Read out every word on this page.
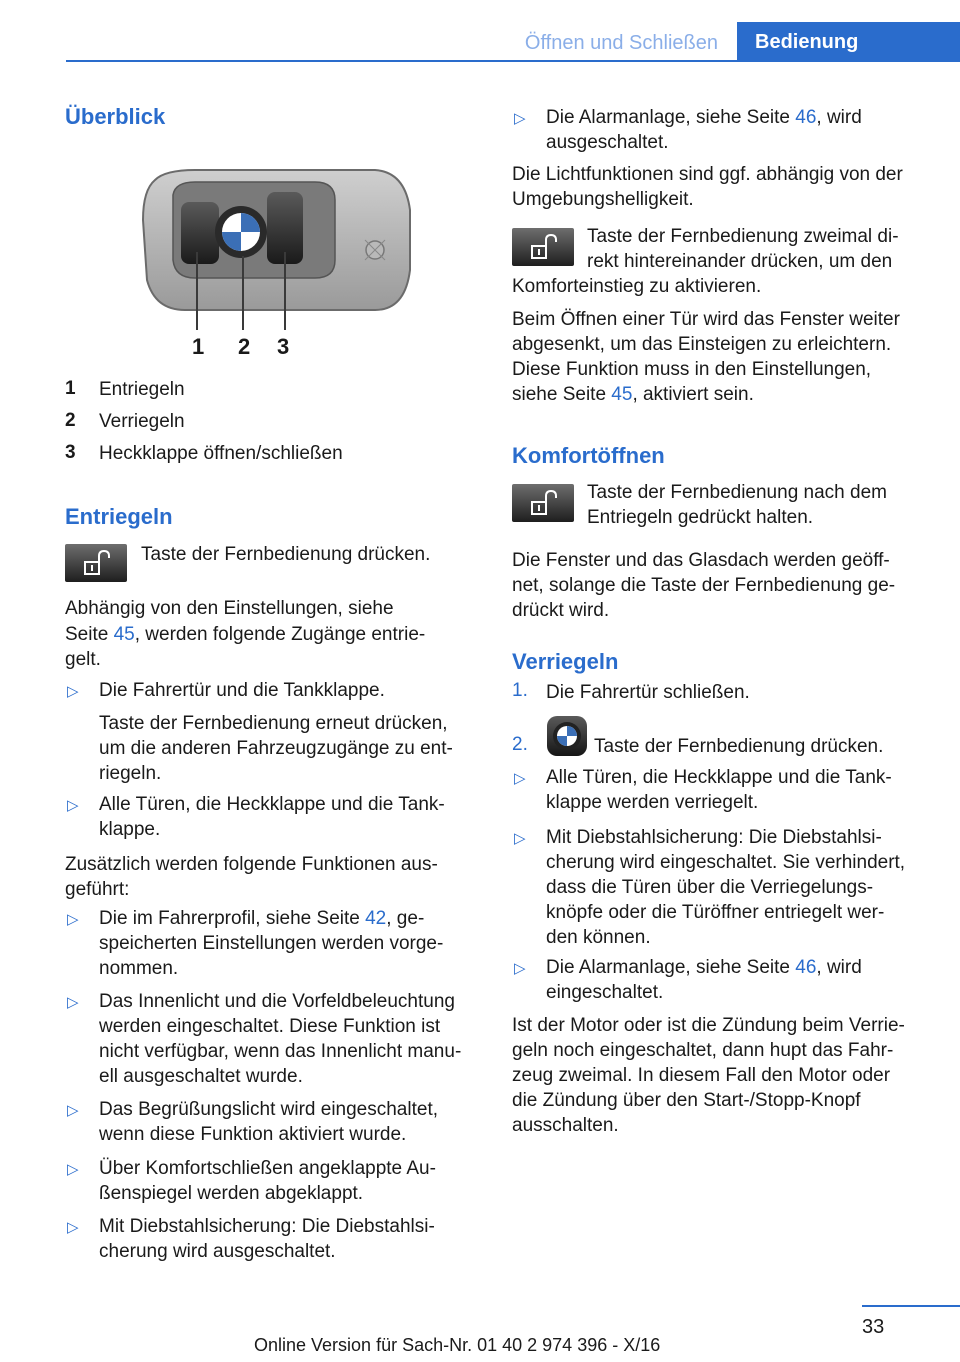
Öffnen und Schließen	Bedienung
Überblick
1 2 3
1 Entriegeln
2 Verriegeln
3 Heckklappe öffnen/schließen
Entriegeln
Taste der Fernbedienung drücken.
Abhängig von den Einstellungen, siehe
Seite 45, werden folgende Zugänge entrie-
gelt.
▷ Die Fahrertür und die Tankklappe.
Taste der Fernbedienung erneut drücken,
um die anderen Fahrzeugzugänge zu ent-
riegeln.
▷ Alle Türen, die Heckklappe und die Tank-
klappe.
Zusätzlich werden folgende Funktionen aus-
geführt:
▷ Die im Fahrerprofil, siehe Seite 42, ge-
speicherten Einstellungen werden vorge-
nommen.
▷ Das Innenlicht und die Vorfeldbeleuchtung
werden eingeschaltet. Diese Funktion ist
nicht verfügbar, wenn das Innenlicht manu-
ell ausgeschaltet wurde.
▷ Das Begrüßungslicht wird eingeschaltet,
wenn diese Funktion aktiviert wurde.
▷ Über Komfortschließen angeklappte Au-
ßenspiegel werden abgeklappt.
▷ Mit Diebstahlsicherung: Die Diebstahlsi-
cherung wird ausgeschaltet.
▷ Die Alarmanlage, siehe Seite 46, wird
ausgeschaltet.
Die Lichtfunktionen sind ggf. abhängig von der
Umgebungshelligkeit.
Taste der Fernbedienung zweimal di-
rekt hintereinander drücken, um den
Komforteinstieg zu aktivieren.
Beim Öffnen einer Tür wird das Fenster weiter
abgesenkt, um das Einsteigen zu erleichtern.
Diese Funktion muss in den Einstellungen,
siehe Seite 45, aktiviert sein.
Komfortöffnen
Taste der Fernbedienung nach dem
Entriegeln gedrückt halten.
Die Fenster und das Glasdach werden geöff-
net, solange die Taste der Fernbedienung ge-
drückt wird.
Verriegeln
1. Die Fahrertür schließen.
2.	Taste der Fernbedienung drücken.
▷ Alle Türen, die Heckklappe und die Tank-
klappe werden verriegelt.
▷ Mit Diebstahlsicherung: Die Diebstahlsi-
cherung wird eingeschaltet. Sie verhindert,
dass die Türen über die Verriegelungs-
knöpfe oder die Türöffner entriegelt wer-
den können.
▷ Die Alarmanlage, siehe Seite 46, wird
eingeschaltet.
Ist der Motor oder ist die Zündung beim Verrie-
geln noch eingeschaltet, dann hupt das Fahr-
zeug zweimal. In diesem Fall den Motor oder
die Zündung über den Start-/Stopp-Knopf
ausschalten.
33
Online Version für Sach-Nr. 01 40 2 974 396 - X/16
